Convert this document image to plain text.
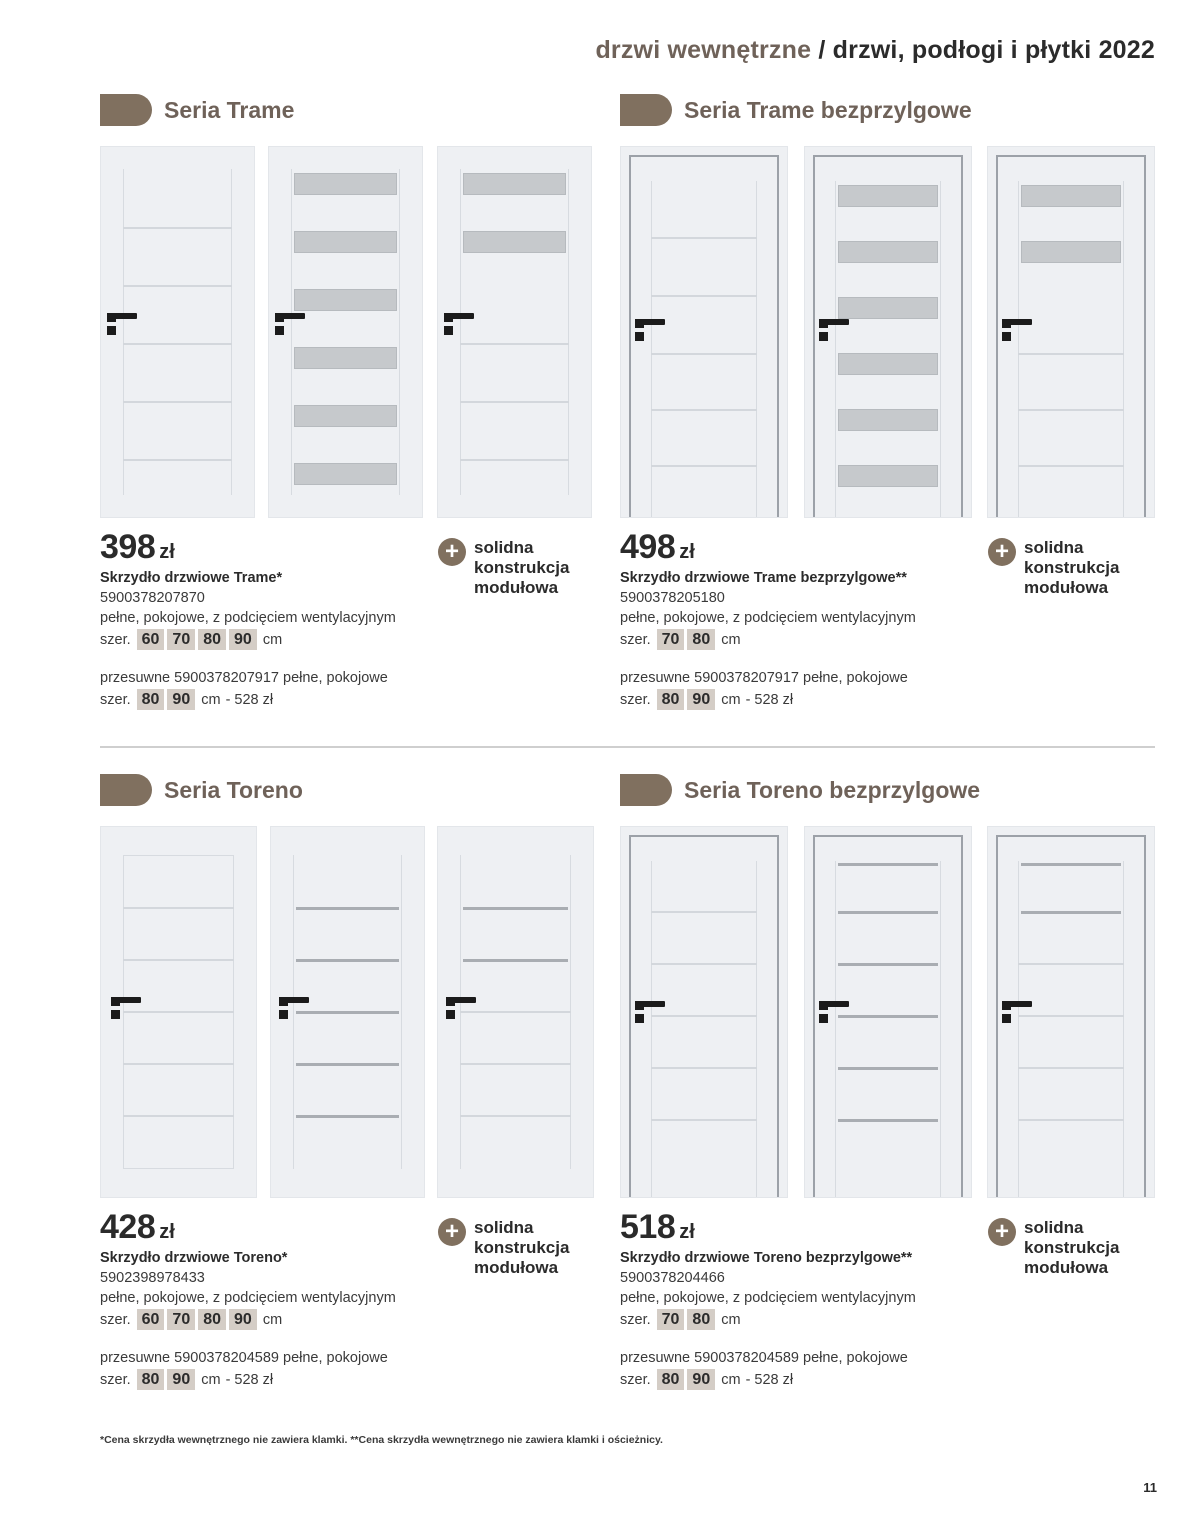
drzwi wewnętrzne / drzwi, podłogi i płytki 2022
Seria Trame
398 zł
Skrzydło drzwiowe Trame*
5900378207870
pełne, pokojowe, z podcięciem wentylacyjnym
szer. 60 70 80 90 cm
przesuwne 5900378207917 pełne, pokojowe
szer. 80 90 cm - 528 zł
+ solidna
konstrukcja
modułowa
Seria Trame bezprzylgowe
498 zł
Skrzydło drzwiowe Trame bezprzylgowe**
5900378205180
pełne, pokojowe, z podcięciem wentylacyjnym
szer. 70 80 cm
przesuwne 5900378207917 pełne, pokojowe
szer. 80 90 cm - 528 zł
+ solidna
konstrukcja
modułowa
Seria Toreno
428 zł
Skrzydło drzwiowe Toreno*
5902398978433
pełne, pokojowe, z podcięciem wentylacyjnym
szer. 60 70 80 90 cm
przesuwne 5900378204589 pełne, pokojowe
szer. 80 90 cm - 528 zł
+ solidna
konstrukcja
modułowa
Seria Toreno bezprzylgowe
518 zł
Skrzydło drzwiowe Toreno bezprzylgowe**
5900378204466
pełne, pokojowe, z podcięciem wentylacyjnym
szer. 70 80 cm
przesuwne 5900378204589 pełne, pokojowe
szer. 80 90 cm - 528 zł
+ solidna
konstrukcja
modułowa
*Cena skrzydła wewnętrznego nie zawiera klamki. **Cena skrzydła wewnętrznego nie zawiera klamki i ościeżnicy.
11
